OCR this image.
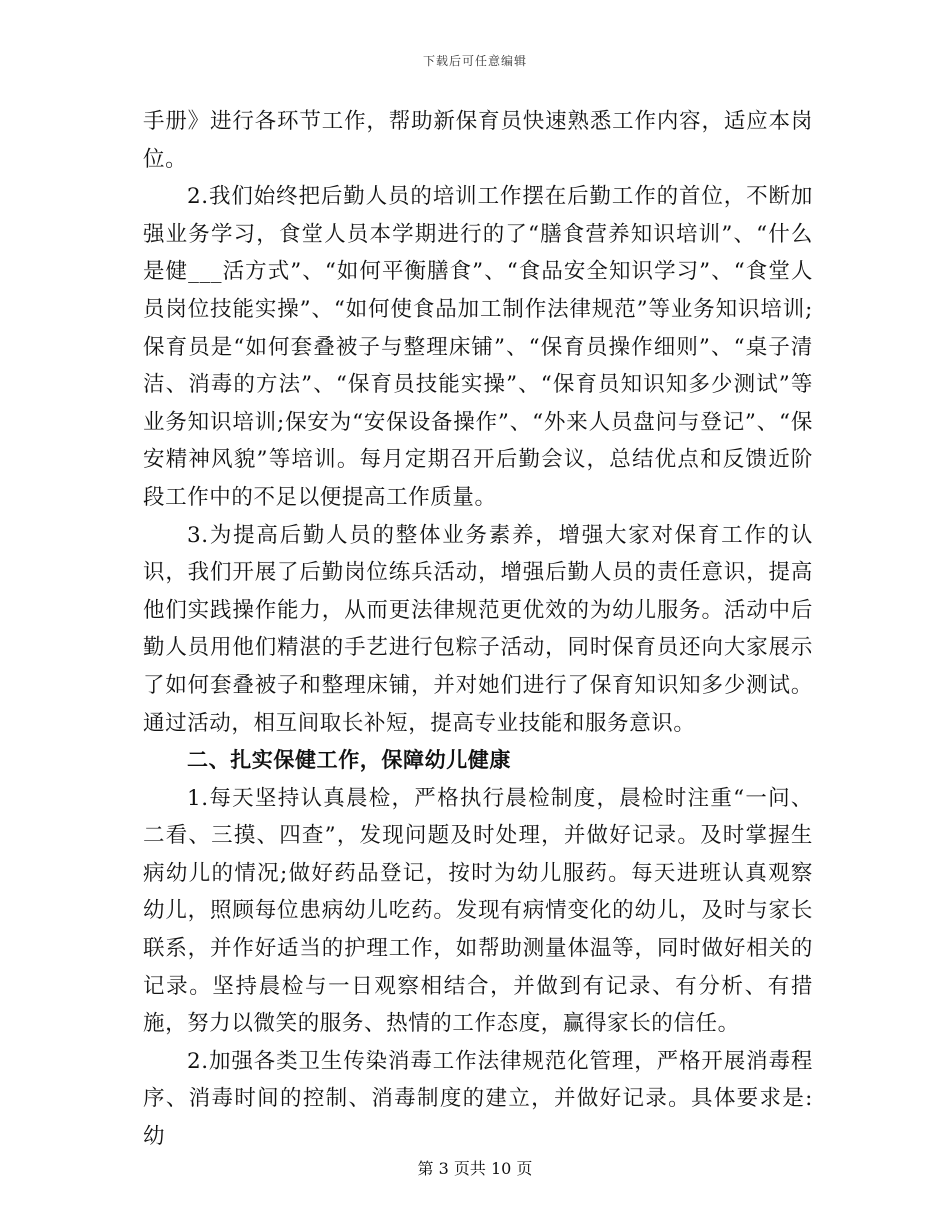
下载后可任意编辑

手册》进行各环节工作，帮助新保育员快速熟悉工作内容，适应本岗位。

2.我们始终把后勤人员的培训工作摆在后勤工作的首位，不断加强业务学习，食堂人员本学期进行的了“膳食营养知识培训”、“什么是健___活方式”、“如何平衡膳食”、“食品安全知识学习”、“食堂人员岗位技能实操”、“如何使食品加工制作法律规范”等业务知识培训;保育员是“如何套叠被子与整理床铺”、“保育员操作细则”、“桌子清洁、消毒的方法”、“保育员技能实操”、“保育员知识知多少测试”等业务知识培训;保安为“安保设备操作”、“外来人员盘问与登记”、“保安精神风貌”等培训。每月定期召开后勤会议，总结优点和反馈近阶段工作中的不足以便提高工作质量。

3.为提高后勤人员的整体业务素养，增强大家对保育工作的认识，我们开展了后勤岗位练兵活动，增强后勤人员的责任意识，提高他们实践操作能力，从而更法律规范更优效的为幼儿服务。活动中后勤人员用他们精湛的手艺进行包粽子活动，同时保育员还向大家展示了如何套叠被子和整理床铺，并对她们进行了保育知识知多少测试。通过活动，相互间取长补短，提高专业技能和服务意识。

二、扎实保健工作，保障幼儿健康

1.每天坚持认真晨检，严格执行晨检制度，晨检时注重“一问、二看、三摸、四查”，发现问题及时处理，并做好记录。及时掌握生病幼儿的情况;做好药品登记，按时为幼儿服药。每天进班认真观察幼儿，照顾每位患病幼儿吃药。发现有病情变化的幼儿，及时与家长联系，并作好适当的护理工作，如帮助测量体温等，同时做好相关的记录。坚持晨检与一日观察相结合，并做到有记录、有分析、有措施，努力以微笑的服务、热情的工作态度，赢得家长的信任。

2.加强各类卫生传染消毒工作法律规范化管理，严格开展消毒程序、消毒时间的控制、消毒制度的建立，并做好记录。具体要求是:幼

第 3 页共 10 页
